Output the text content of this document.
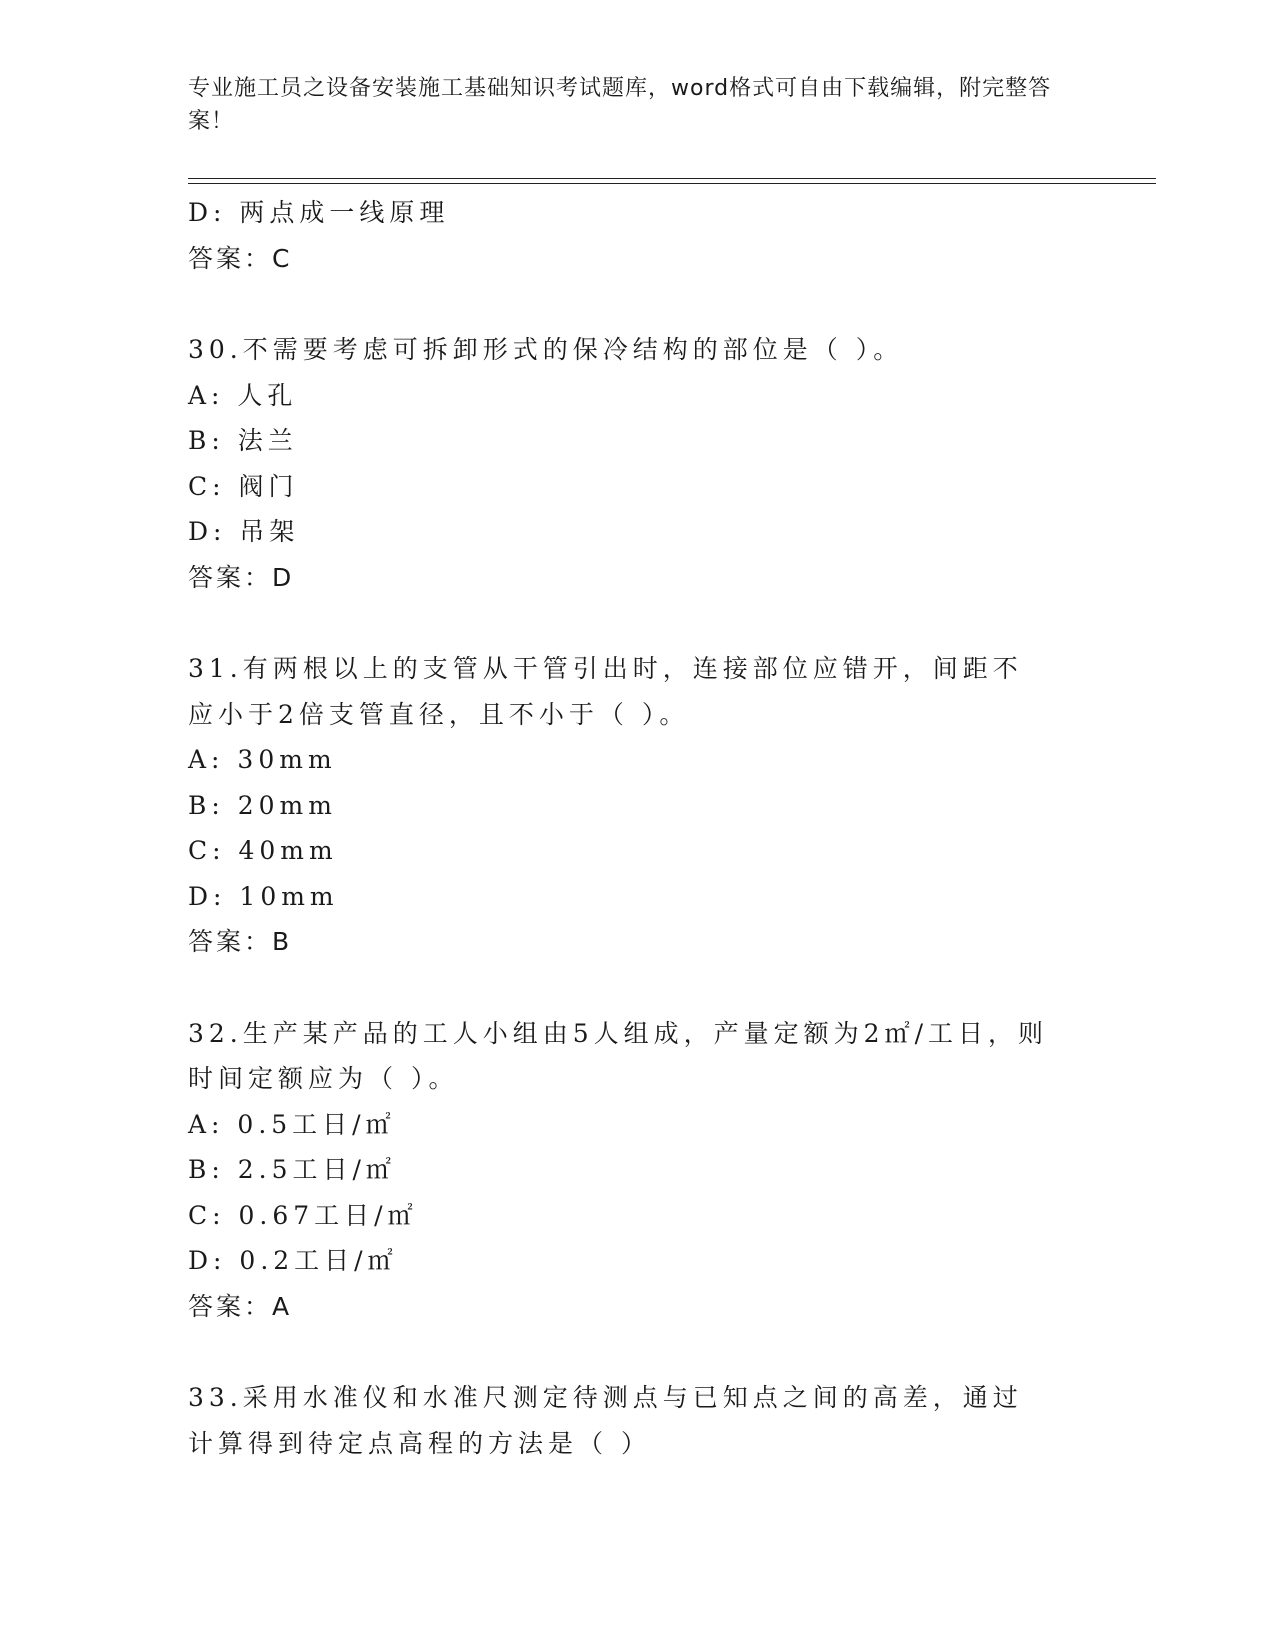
专业施工员之设备安装施工基础知识考试题库，word格式可自由下载编辑，附完整答案！
D: 两点成一线原理
答案：C
30.不需要考虑可拆卸形式的保冷结构的部位是（ ）。
A: 人孔
B: 法兰
C: 阀门
D: 吊架
答案：D
31.有两根以上的支管从干管引出时，连接部位应错开，间距不应小于2倍支管直径，且不小于（ ）。
A: 30mm
B: 20mm
C: 40mm
D: 10mm
答案：B
32.生产某产品的工人小组由5人组成，产量定额为2㎡/工日，则时间定额应为（ ）。
A: 0.5工日/㎡
B: 2.5工日/㎡
C: 0.67工日/㎡
D: 0.2工日/㎡
答案：A
33.采用水准仪和水准尺测定待测点与已知点之间的高差，通过计算得到待定点高程的方法是（ ）
